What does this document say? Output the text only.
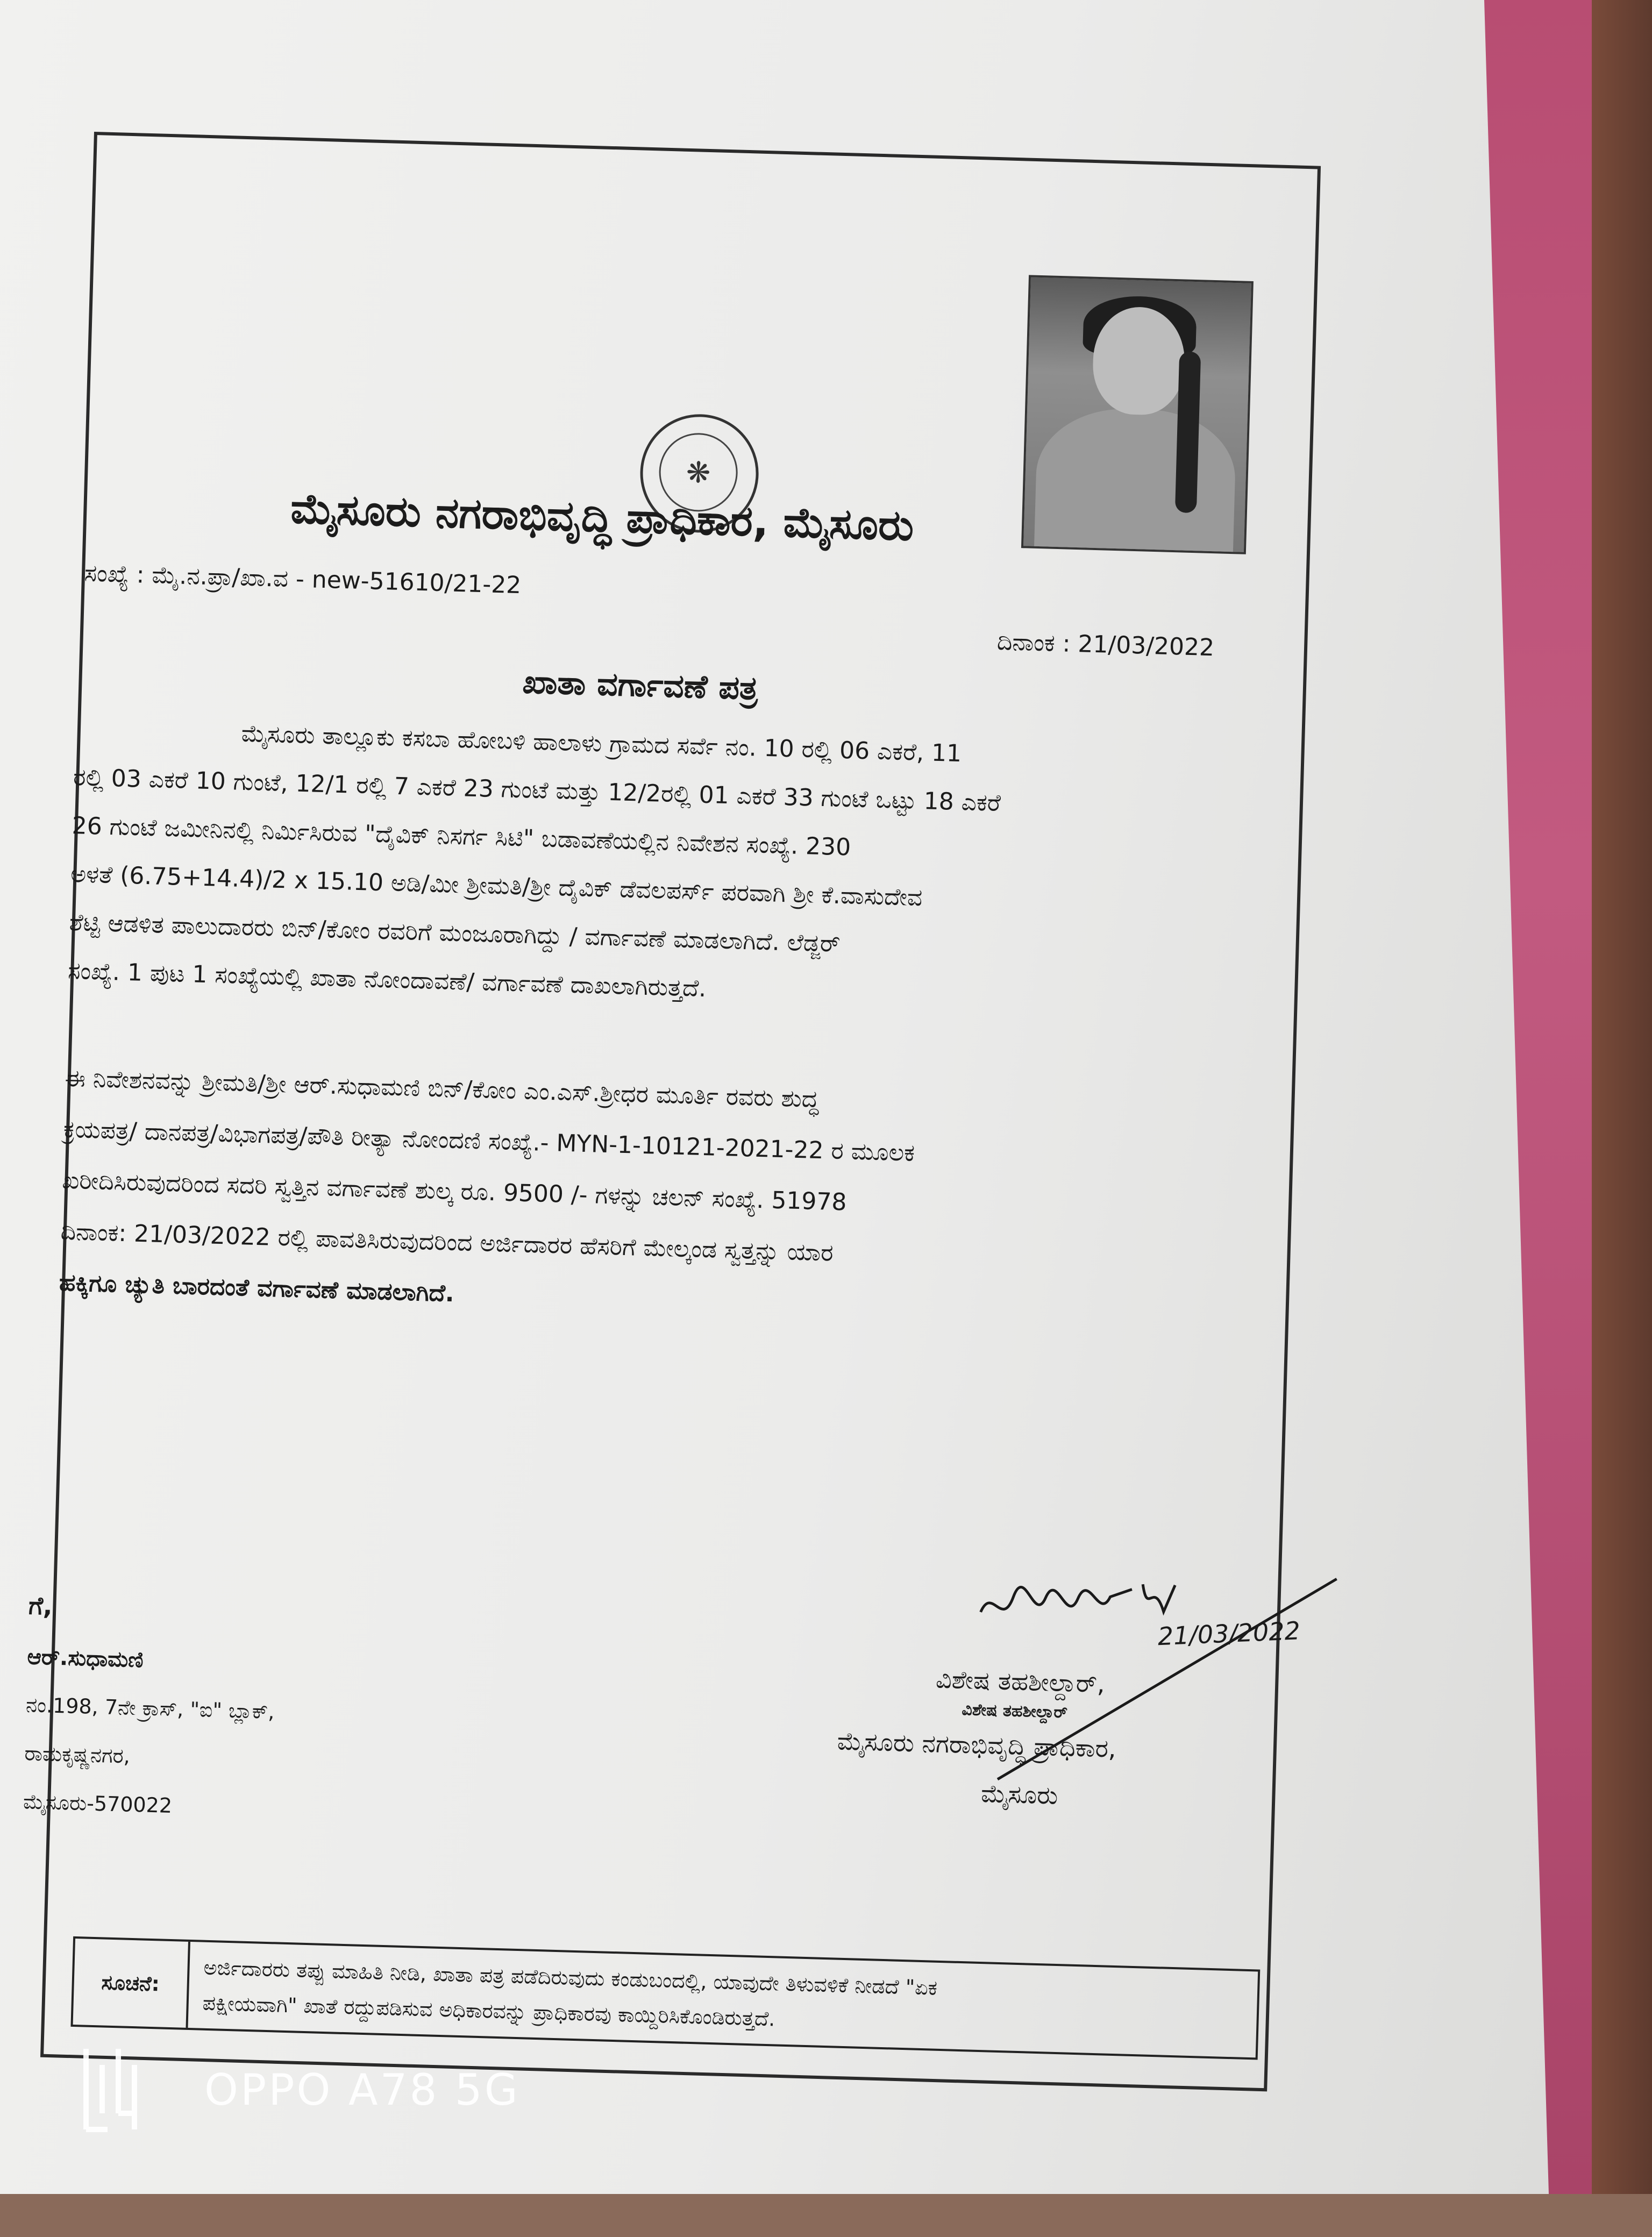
❋
ಮೈಸೂರು ನಗರಾಭಿವೃದ್ಧಿ ಪ್ರಾಧಿಕಾರ, ಮೈಸೂರು
ಸಂಖ್ಯೆ : ಮೈ.ನ.ಪ್ರಾ/ಖಾ.ವ - new-51610/21-22
ದಿನಾಂಕ : 21/03/2022
ಖಾತಾ ವರ್ಗಾವಣೆ ಪತ್ರ
ಮೈಸೂರು ತಾಲ್ಲೂಕು ಕಸಬಾ ಹೋಬಳಿ ಹಾಲಾಳು ಗ್ರಾಮದ ಸರ್ವೆ ನಂ. 10 ರಲ್ಲಿ 06 ಎಕರೆ, 11
ರಲ್ಲಿ 03 ಎಕರೆ 10 ಗುಂಟೆ, 12/1 ರಲ್ಲಿ 7 ಎಕರೆ 23 ಗುಂಟೆ ಮತ್ತು 12/2ರಲ್ಲಿ 01 ಎಕರೆ 33 ಗುಂಟೆ ಒಟ್ಟು 18 ಎಕರೆ
26 ಗುಂಟೆ ಜಮೀನಿನಲ್ಲಿ ನಿರ್ಮಿಸಿರುವ "ದೈವಿಕ್ ನಿಸರ್ಗ ಸಿಟಿ" ಬಡಾವಣೆಯಲ್ಲಿನ ನಿವೇಶನ ಸಂಖ್ಯೆ. 230
ಅಳತೆ (6.75+14.4)/2 x 15.10 ಅಡಿ/ಮೀ ಶ್ರೀಮತಿ/ಶ್ರೀ ದೈವಿಕ್ ಡೆವಲಪರ್ಸ್ ಪರವಾಗಿ ಶ್ರೀ ಕೆ.ವಾಸುದೇವ
ಶೆಟ್ಟಿ ಆಡಳಿತ ಪಾಲುದಾರರು ಬಿನ್/ಕೋಂ ರವರಿಗೆ ಮಂಜೂರಾಗಿದ್ದು / ವರ್ಗಾವಣೆ ಮಾಡಲಾಗಿದೆ. ಲೆಡ್ಜರ್
ಸಂಖ್ಯೆ. 1 ಪುಟ 1 ಸಂಖ್ಯೆಯಲ್ಲಿ ಖಾತಾ ನೋಂದಾವಣೆ/ ವರ್ಗಾವಣೆ ದಾಖಲಾಗಿರುತ್ತದೆ.
ಈ ನಿವೇಶನವನ್ನು ಶ್ರೀಮತಿ/ಶ್ರೀ ಆರ್.ಸುಧಾಮಣಿ ಬಿನ್/ಕೋಂ ಎಂ.ಎಸ್.ಶ್ರೀಧರ ಮೂರ್ತಿ ರವರು ಶುದ್ಧ
ಕ್ರಯಪತ್ರ/ ದಾನಪತ್ರ/ವಿಭಾಗಪತ್ರ/ಪೌತಿ ರೀತ್ಯಾ ನೋಂದಣಿ ಸಂಖ್ಯೆ.- MYN-1-10121-2021-22 ರ ಮೂಲಕ
ಖರೀದಿಸಿರುವುದರಿಂದ ಸದರಿ ಸ್ವತ್ತಿನ ವರ್ಗಾವಣೆ ಶುಲ್ಕ ರೂ. 9500 /- ಗಳನ್ನು ಚಲನ್ ಸಂಖ್ಯೆ. 51978
ದಿನಾಂಕ: 21/03/2022 ರಲ್ಲಿ ಪಾವತಿಸಿರುವುದರಿಂದ ಅರ್ಜಿದಾರರ ಹೆಸರಿಗೆ ಮೇಲ್ಕಂಡ ಸ್ವತ್ತನ್ನು ಯಾರ
ಹಕ್ಕಿಗೂ ಚ್ಯುತಿ ಬಾರದಂತೆ ವರ್ಗಾವಣೆ ಮಾಡಲಾಗಿದೆ.
ಗೆ,
ಆರ್.ಸುಧಾಮಣಿ
ನಂ.198, 7ನೇ ಕ್ರಾಸ್, "ಐ" ಬ್ಲಾಕ್,
ರಾಮಕೃಷ್ಣನಗರ,
ಮೈಸೂರು-570022
21/03/2022
ವಿಶೇಷ ತಹಶೀಲ್ದಾರ್,
ವಿಶೇಷ ತಹಶೀಲ್ದಾರ್
ಮೈಸೂರು ನಗರಾಭಿವೃದ್ಧಿ ಪ್ರಾಧಿಕಾರ,
ಮೈಸೂರು
ಸೂಚನೆ:	ಅರ್ಜಿದಾರರು ತಪ್ಪು ಮಾಹಿತಿ ನೀಡಿ, ಖಾತಾ ಪತ್ರ ಪಡೆದಿರುವುದು ಕಂಡುಬಂದಲ್ಲಿ, ಯಾವುದೇ ತಿಳುವಳಿಕೆ ನೀಡದೆ "ಏಕ
ಪಕ್ಷೀಯವಾಗಿ" ಖಾತೆ ರದ್ದುಪಡಿಸುವ ಅಧಿಕಾರವನ್ನು ಪ್ರಾಧಿಕಾರವು ಕಾಯ್ದಿರಿಸಿಕೊಂಡಿರುತ್ತದೆ.
OPPO A78 5G
